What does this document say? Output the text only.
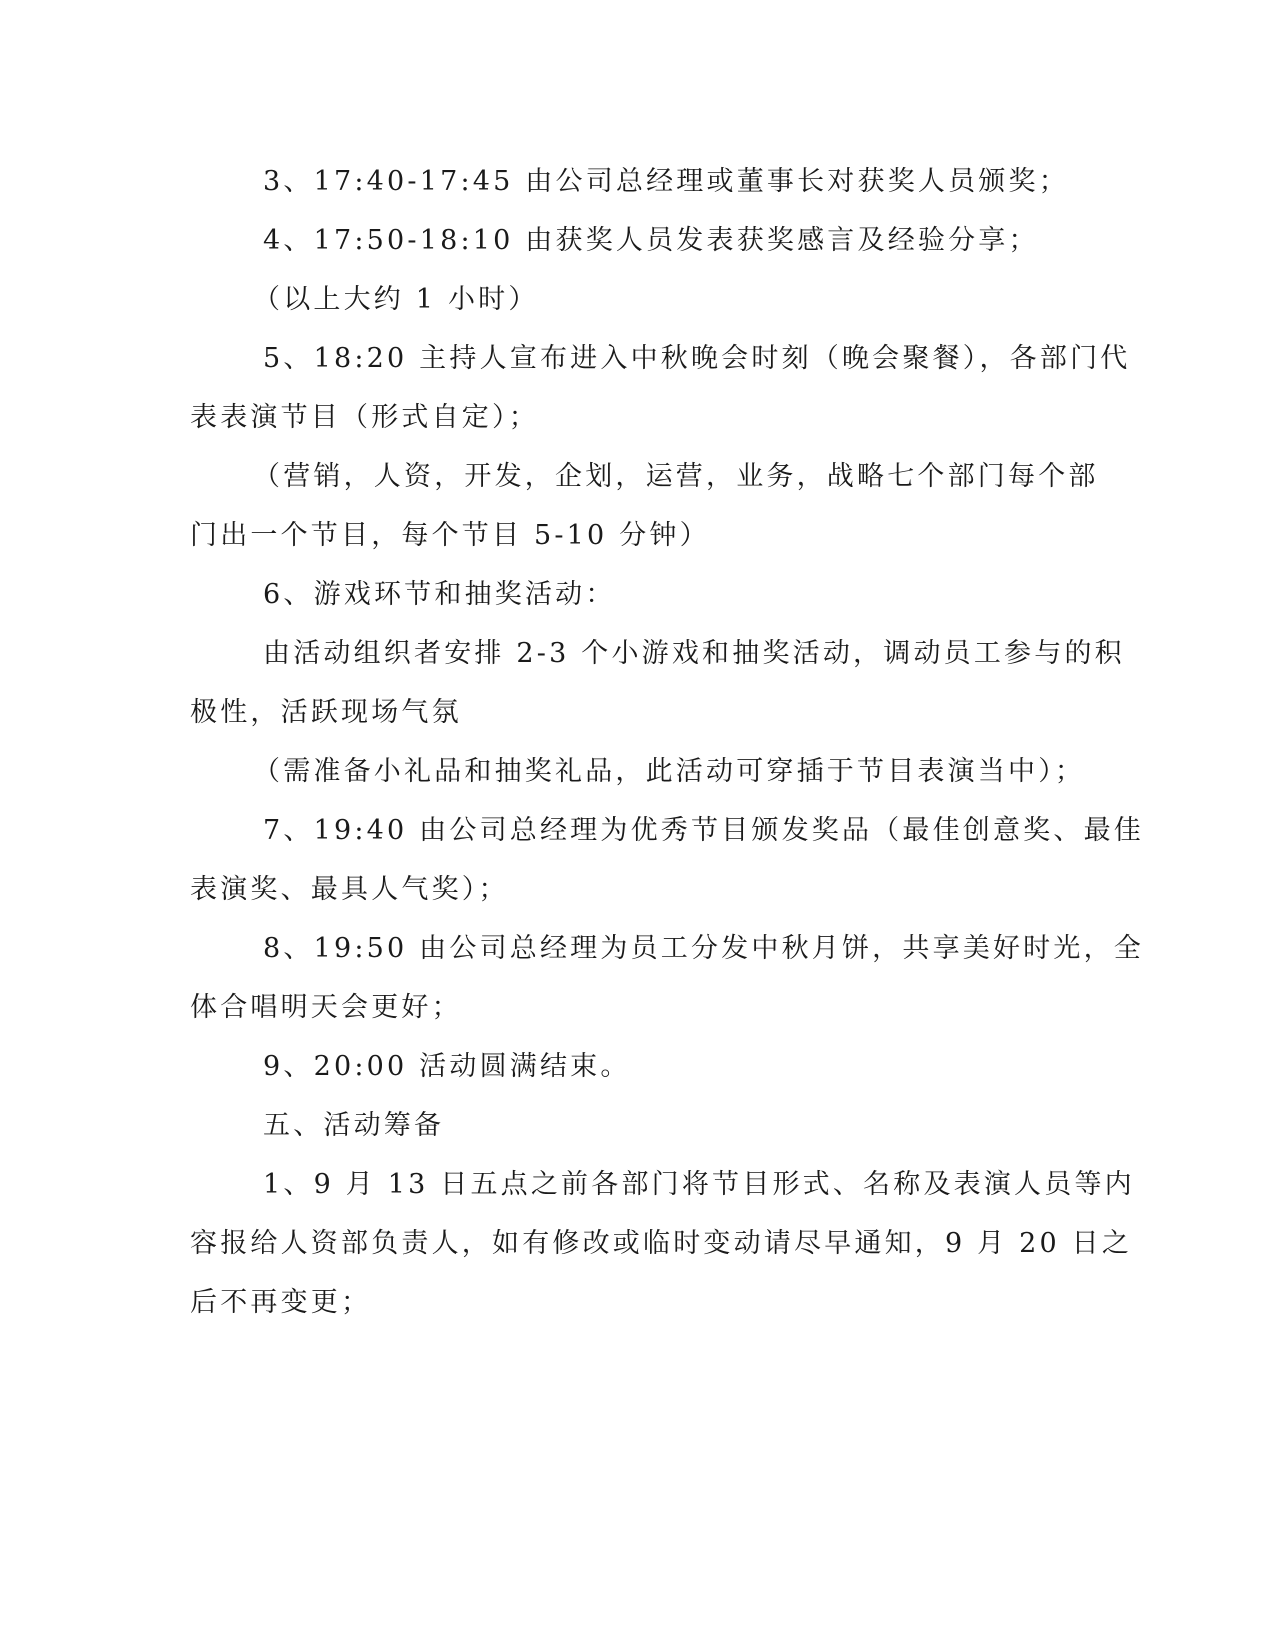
3、17:40-17:45 由公司总经理或董事长对获奖人员颁奖；
4、17:50-18:10 由获奖人员发表获奖感言及经验分享；
（以上大约 1 小时）
5、18:20 主持人宣布进入中秋晚会时刻（晚会聚餐），各部门代
表表演节目（形式自定）；
（营销，人资，开发，企划，运营，业务，战略七个部门每个部
门出一个节目，每个节目 5-10 分钟）
6、游戏环节和抽奖活动：
由活动组织者安排 2-3 个小游戏和抽奖活动，调动员工参与的积
极性，活跃现场气氛
（需准备小礼品和抽奖礼品，此活动可穿插于节目表演当中）；
7、19:40 由公司总经理为优秀节目颁发奖品（最佳创意奖、最佳
表演奖、最具人气奖）；
8、19:50 由公司总经理为员工分发中秋月饼，共享美好时光，全
体合唱明天会更好；
9、20:00 活动圆满结束。
五、活动筹备
1、9 月 13 日五点之前各部门将节目形式、名称及表演人员等内
容报给人资部负责人，如有修改或临时变动请尽早通知，9 月 20 日之
后不再变更；
